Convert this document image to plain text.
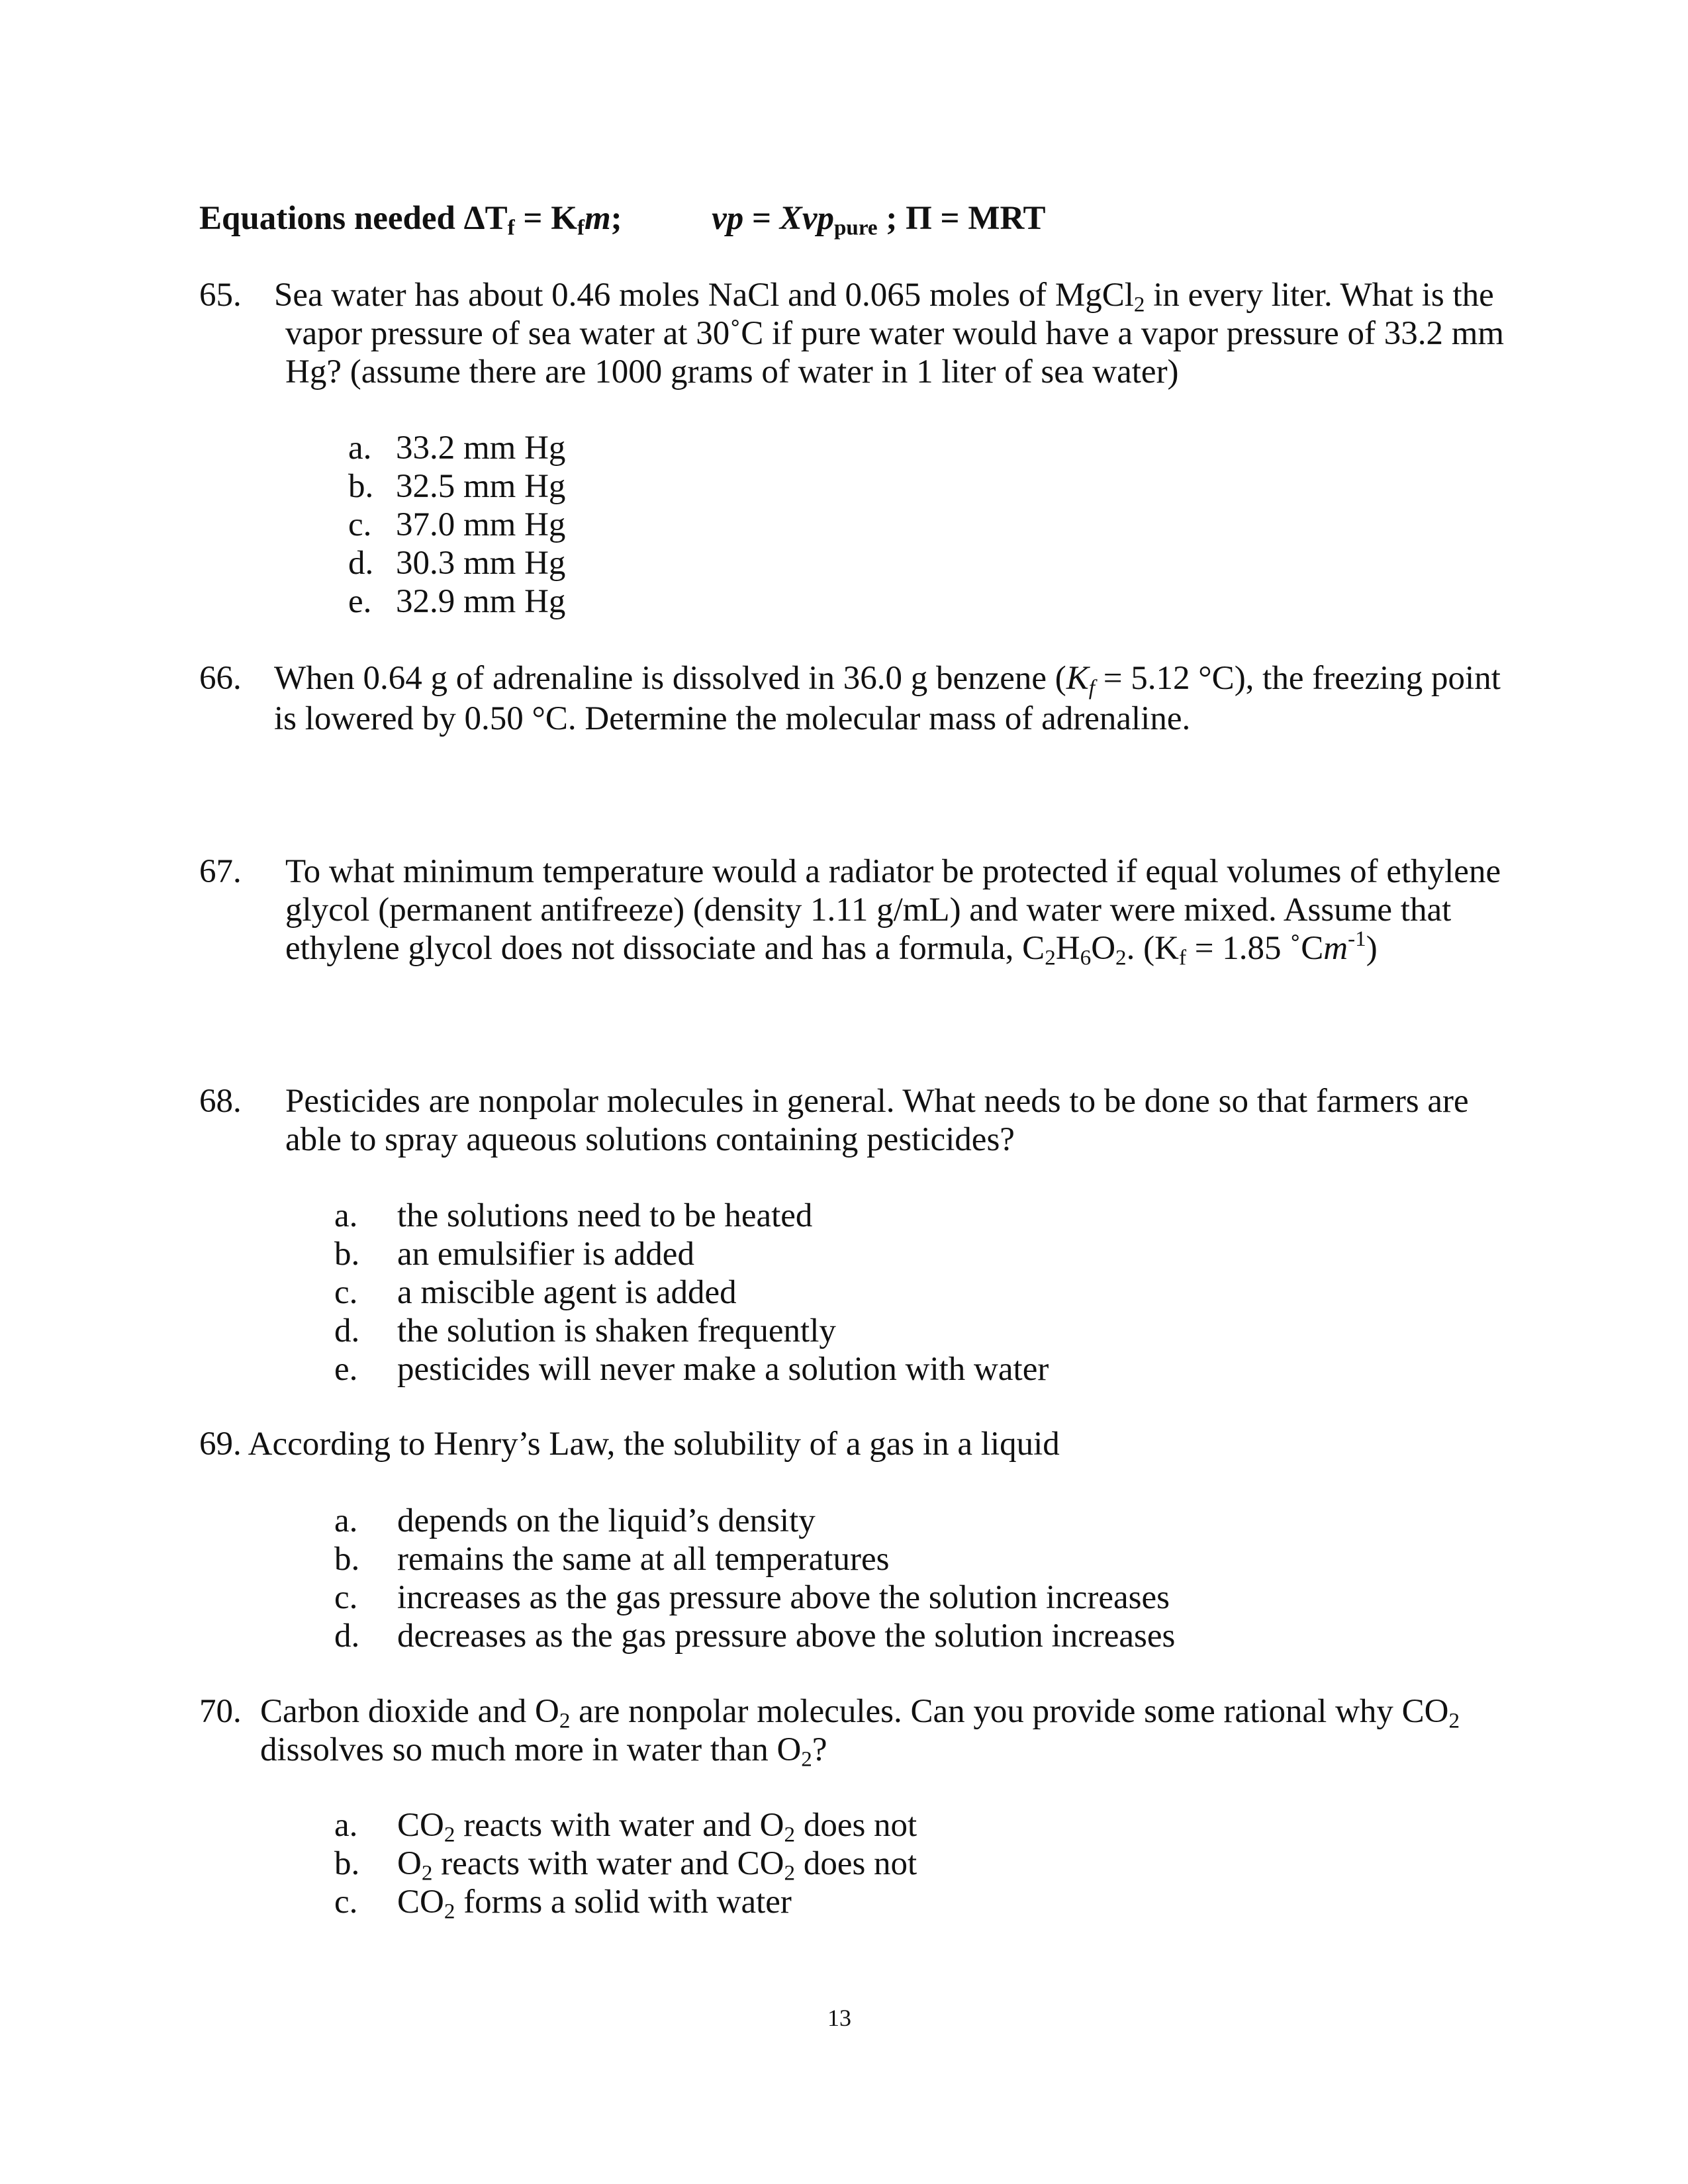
Equations needed $\Delta T_f = K_fm$;	vp = Xvp$_{pure}$ ; Π = MRT
65. Sea water has about 0.46 moles NaCl and 0.065 moles of MgCl$_2$ in every liter. What is the
vapor pressure of sea water at 30˚C if pure water would have a vapor pressure of 33.2 mm
Hg? (assume there are 1000 grams of water in 1 liter of sea water)
a. 33.2 mm Hg
b. 32.5 mm Hg
c. 37.0 mm Hg
d. 30.3 mm Hg
e. 32.9 mm Hg
66. When 0.64 g of adrenaline is dissolved in 36.0 g benzene ($K_f = 5.12$ °C), the freezing point
is lowered by 0.50 °C. Determine the molecular mass of adrenaline.
67. To what minimum temperature would a radiator be protected if equal volumes of ethylene
glycol (permanent antifreeze) (density 1.11 g/mL) and water were mixed. Assume that
ethylene glycol does not dissociate and has a formula, $C_2H_6O_2$. ($K_f = 1.85$ $˚Cm^{-1}$)
68. Pesticides are nonpolar molecules in general. What needs to be done so that farmers are
able to spray aqueous solutions containing pesticides?
a. the solutions need to be heated
b. an emulsifier is added
c. a miscible agent is added
d. the solution is shaken frequently
e. pesticides will never make a solution with water
69. According to Henry’s Law, the solubility of a gas in a liquid
a. depends on the liquid’s density
b. remains the same at all temperatures
c. increases as the gas pressure above the solution increases
d. decreases as the gas pressure above the solution increases
70. Carbon dioxide and $O_2$ are nonpolar molecules. Can you provide some rational why $CO_2$
dissolves so much more in water than $O_2$?
a. $CO_2$ reacts with water and $O_2$ does not
b. $O_2$ reacts with water and $CO_2$ does not
c. $CO_2$ forms a solid with water
13
